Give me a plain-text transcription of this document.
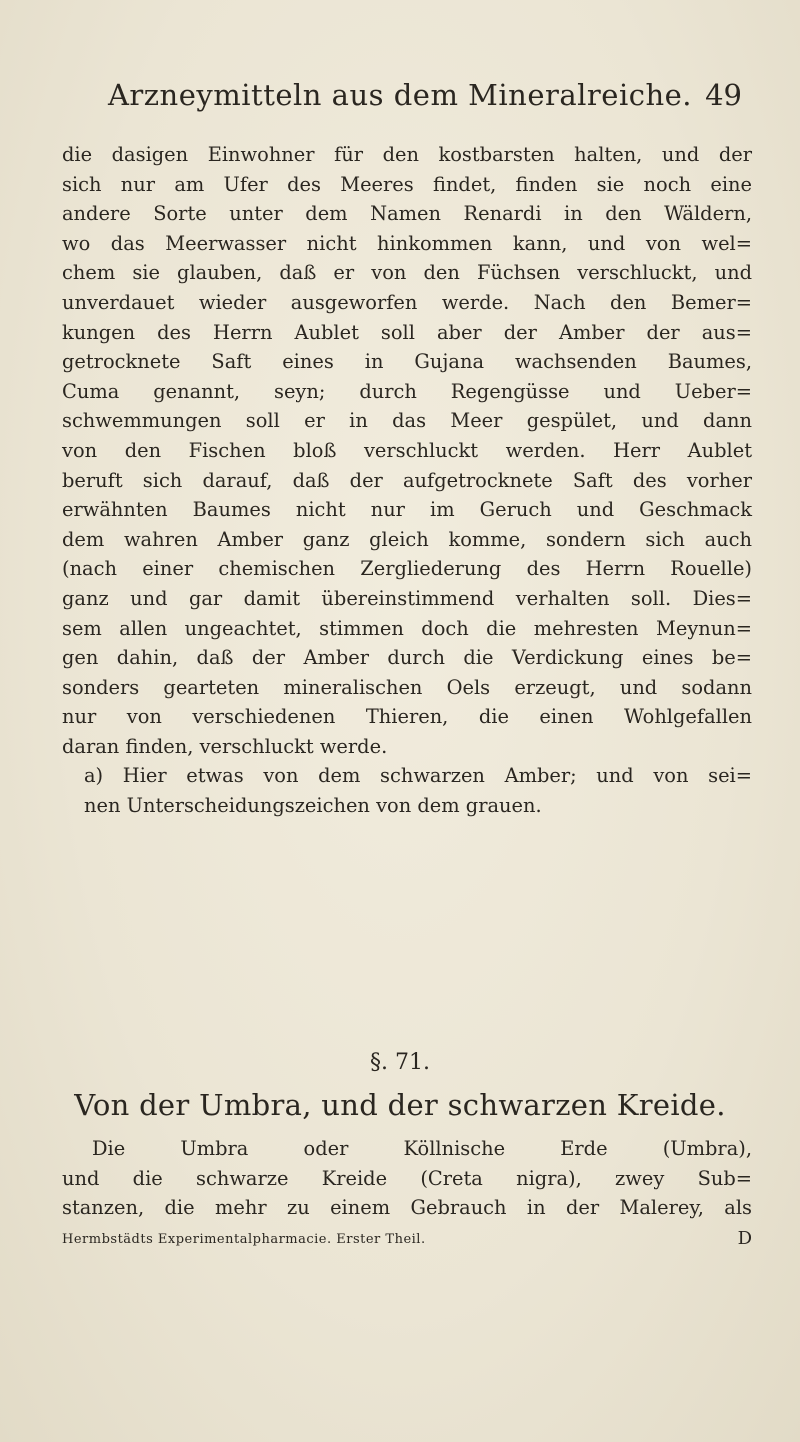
Arzneymitteln aus dem Mineralreiche. 49
die dasigen Einwohner für den kostbarsten halten, und der
sich nur am Ufer des Meeres findet, finden sie noch eine
andere Sorte unter dem Namen Renardi in den Wäldern,
wo das Meerwasser nicht hinkommen kann, und von wel=
chem sie glauben, daß er von den Füchsen verschluckt, und
unverdauet wieder ausgeworfen werde. Nach den Bemer=
kungen des Herrn Aublet soll aber der Amber der aus=
getrocknete Saft eines in Gujana wachsenden Baumes,
Cuma genannt, seyn; durch Regengüsse und Ueber=
schwemmungen soll er in das Meer gespület, und dann
von den Fischen bloß verschluckt werden. Herr Aublet
beruft sich darauf, daß der aufgetrocknete Saft des vorher
erwähnten Baumes nicht nur im Geruch und Geschmack
dem wahren Amber ganz gleich komme, sondern sich auch
(nach einer chemischen Zergliederung des Herrn Rouelle)
ganz und gar damit übereinstimmend verhalten soll. Dies=
sem allen ungeachtet, stimmen doch die mehresten Meynun=
gen dahin, daß der Amber durch die Verdickung eines be=
sonders gearteten mineralischen Oels erzeugt, und sodann
nur von verschiedenen Thieren, die einen Wohlgefallen
daran finden, verschluckt werde.
a) Hier etwas von dem schwarzen Amber; und von sei=
nen Unterscheidungszeichen von dem grauen.
§. 71.
Von der Umbra, und der schwarzen Kreide.
Die Umbra oder Köllnische Erde (Umbra),
und die schwarze Kreide (Creta nigra), zwey Sub=
stanzen, die mehr zu einem Gebrauch in der Malerey, als
Hermbstädts Experimentalpharmacie. Erster Theil.	D
